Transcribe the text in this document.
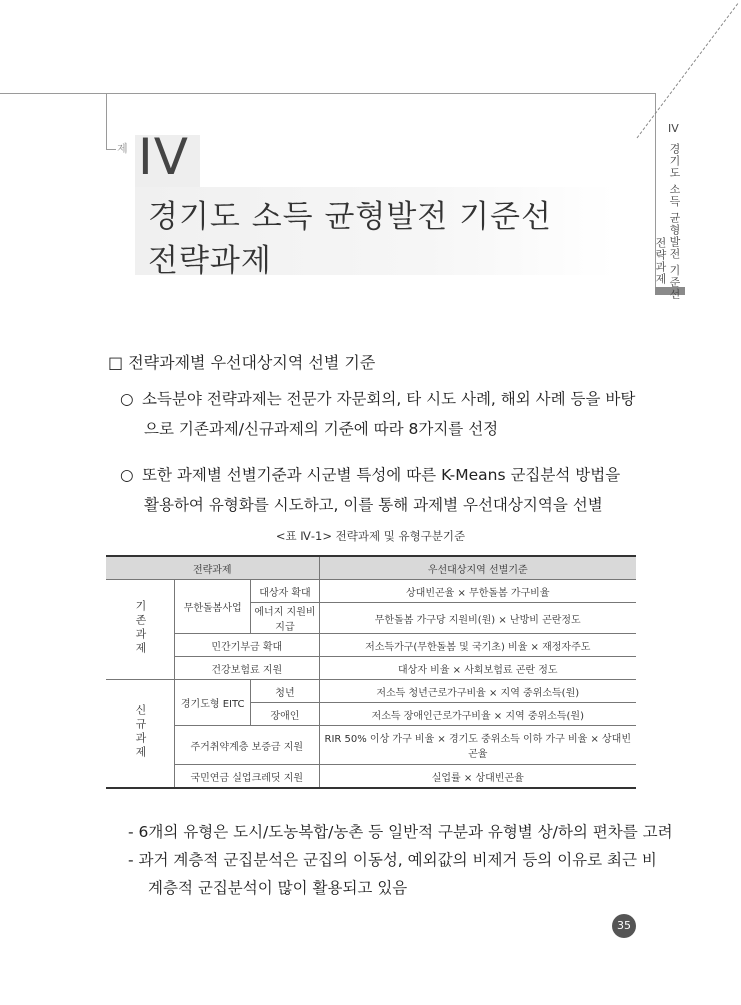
제 IV
경기도 소득 균형발전 기준선
전략과제
IV
경기도 소득 균형발전 기준선
전략과제
□ 전략과제별 우선대상지역 선별 기준
○ 소득분야 전략과제는 전문가 자문회의, 타 시도 사례, 해외 사례 등을 바탕
으로 기존과제/신규과제의 기준에 따라 8가지를 선정
○ 또한 과제별 선별기준과 시군별 특성에 따른 K-Means 군집분석 방법을
활용하여 유형화를 시도하고, 이를 통해 과제별 우선대상지역을 선별
<표 Ⅳ-1> 전략과제 및 유형구분기준
전략과제			우선대상지역 선별기준
기존과제	무한돌봄사업	대상자 확대	상대빈곤율 × 무한돌봄 가구비율
		에너지 지원비 지급	무한돌봄 가구당 지원비(원) × 난방비 곤란정도
	민간기부금 확대		저소득가구(무한돌봄 및 국기초) 비율 × 재정자주도
	건강보험료 지원		대상자 비율 × 사회보험료 곤란 정도
신규과제	경기도형 EITC	청년	저소득 청년근로가구비율 × 지역 중위소득(원)
		장애인	저소득 장애인근로가구비율 × 지역 중위소득(원)
	주거취약계층 보증금 지원		RIR 50% 이상 가구 비율 × 경기도 중위소득 이하 가구 비율 × 상대빈곤율
	국민연금 실업크레딧 지원		실업률 × 상대빈곤율
- 6개의 유형은 도시/도농복합/농촌 등 일반적 구분과 유형별 상/하의 편차를 고려
- 과거 계층적 군집분석은 군집의 이동성, 예외값의 비제거 등의 이유로 최근 비
계층적 군집분석이 많이 활용되고 있음
35
